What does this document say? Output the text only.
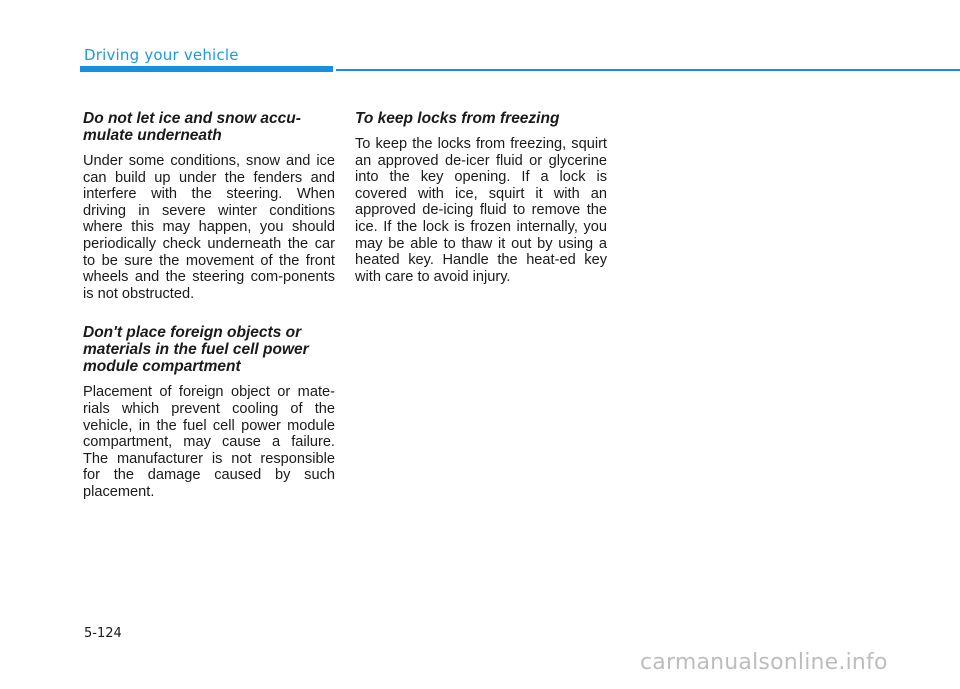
Driving your vehicle
Do not let ice and snow accu-mulate underneath

Under some conditions, snow and ice can build up under the fenders and interfere with the steering. When driving in severe winter conditions where this may happen, you should periodically check underneath the car to be sure the movement of the front wheels and the steering com-ponents is not obstructed.

Don't place foreign objects or materials in the fuel cell power module compartment

Placement of foreign object or mate-rials which prevent cooling of the vehicle, in the fuel cell power module compartment, may cause a failure. The manufacturer is not responsible for the damage caused by such placement.

To keep locks from freezing

To keep the locks from freezing, squirt an approved de-icer fluid or glycerine into the key opening. If a lock is covered with ice, squirt it with an approved de-icing fluid to remove the ice. If the lock is frozen internally, you may be able to thaw it out by using a heated key. Handle the heat-ed key with care to avoid injury.

5-124
carmanualsonline.info
